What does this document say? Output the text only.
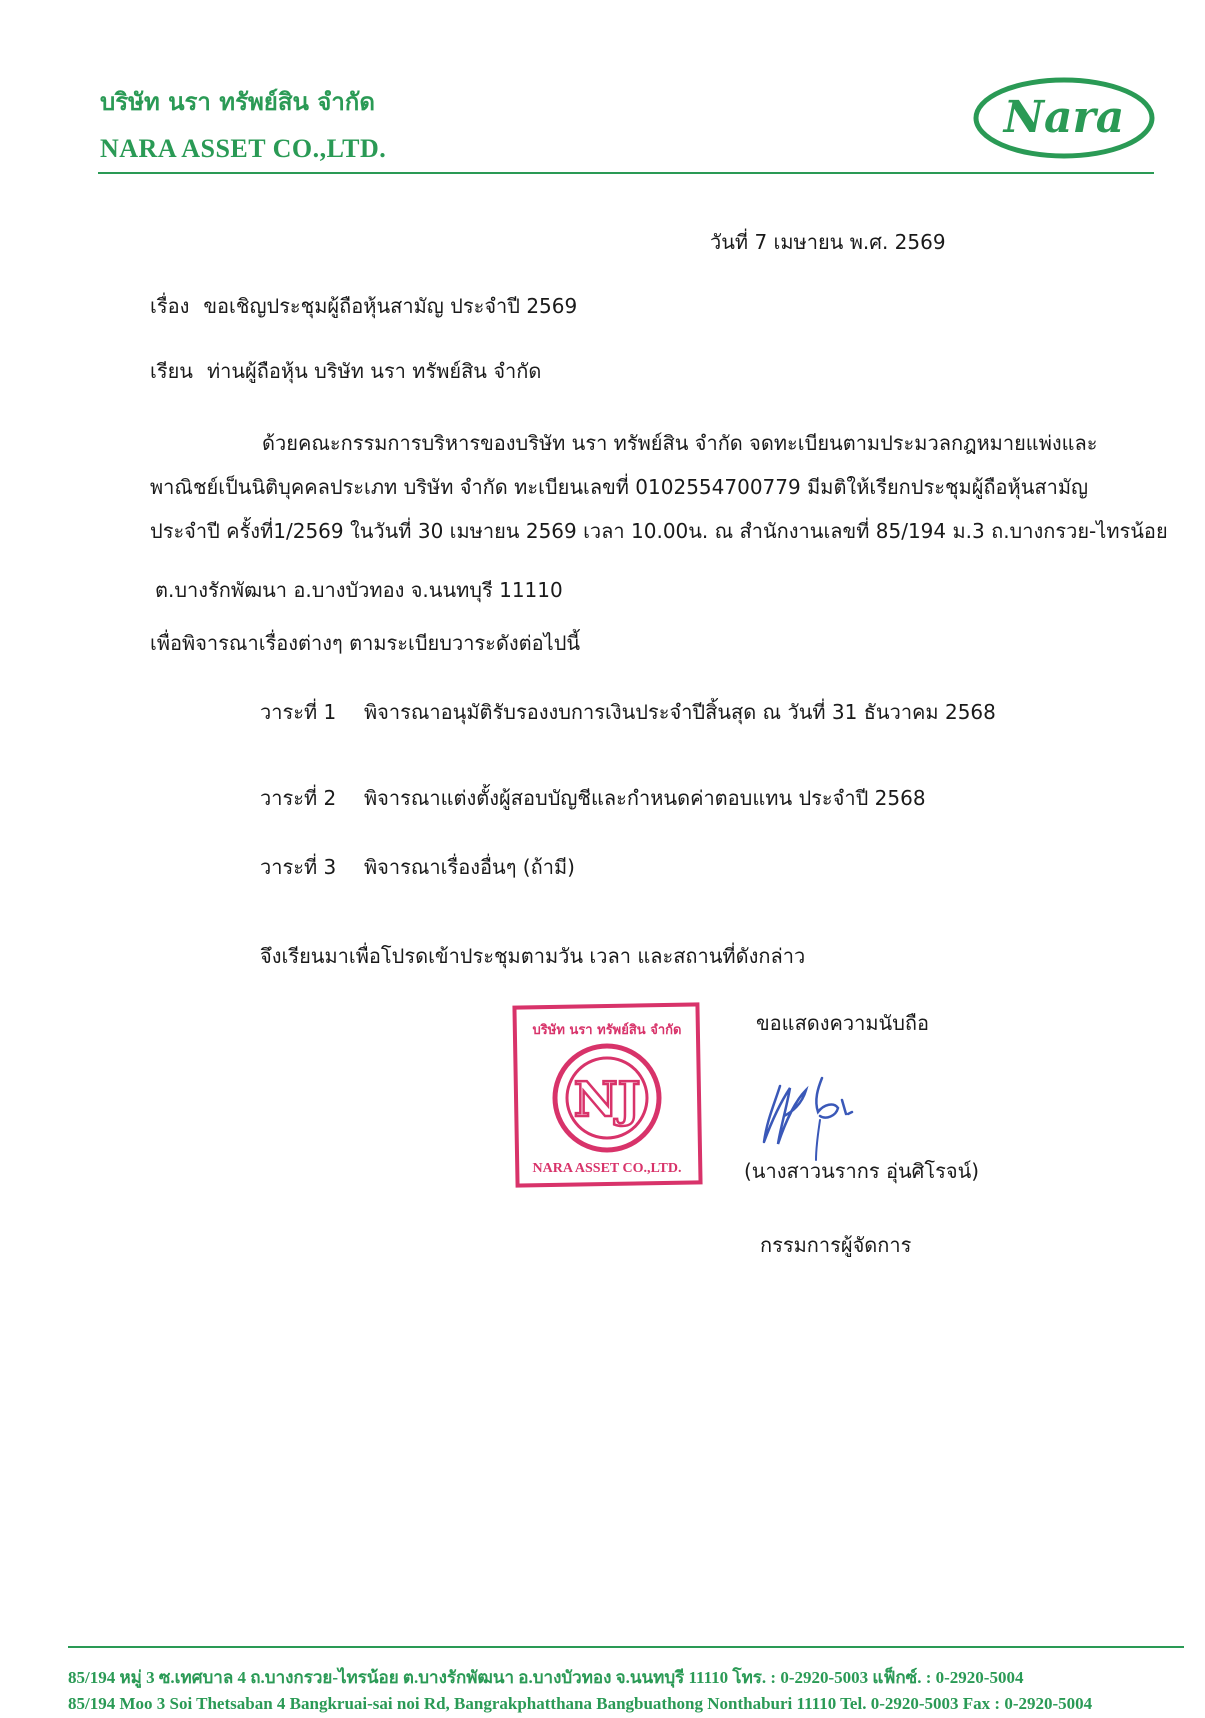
บริษัท นรา ทรัพย์สิน จำกัด
NARA ASSET CO.,LTD.
Nara
วันที่ 7 เมษายน พ.ศ. 2569
เรื่อง ขอเชิญประชุมผู้ถือหุ้นสามัญ ประจำปี 2569
เรียน ท่านผู้ถือหุ้น บริษัท นรา ทรัพย์สิน จำกัด
ด้วยคณะกรรมการบริหารของบริษัท นรา ทรัพย์สิน จำกัด จดทะเบียนตามประมวลกฎหมายแพ่งและ
พาณิชย์เป็นนิติบุคคลประเภท บริษัท จำกัด ทะเบียนเลขที่ 0102554700779 มีมติให้เรียกประชุมผู้ถือหุ้นสามัญ
ประจำปี ครั้งที่1/2569 ในวันที่ 30 เมษายน 2569 เวลา 10.00น. ณ สำนักงานเลขที่ 85/194 ม.3 ถ.บางกรวย-ไทรน้อย
ต.บางรักพัฒนา อ.บางบัวทอง จ.นนทบุรี 11110
เพื่อพิจารณาเรื่องต่างๆ ตามระเบียบวาระดังต่อไปนี้
วาระที่ 1 พิจารณาอนุมัติรับรองงบการเงินประจำปีสิ้นสุด ณ วันที่ 31 ธันวาคม 2568
วาระที่ 2 พิจารณาแต่งตั้งผู้สอบบัญชีและกำหนดค่าตอบแทน ประจำปี 2568
วาระที่ 3 พิจารณาเรื่องอื่นๆ (ถ้ามี)
จึงเรียนมาเพื่อโปรดเข้าประชุมตามวัน เวลา และสถานที่ดังกล่าว
บริษัท นรา ทรัพย์สิน จำกัด
NJ
NARA ASSET CO.,LTD.
ขอแสดงความนับถือ
(นางสาวนรากร อุ่นศิโรจน์)
กรรมการผู้จัดการ
85/194 หมู่ 3 ซ.เทศบาล 4 ถ.บางกรวย-ไทรน้อย ต.บางรักพัฒนา อ.บางบัวทอง จ.นนทบุรี 11110 โทร. : 0-2920-5003 แฟ็กซ์. : 0-2920-5004
85/194 Moo 3 Soi Thetsaban 4 Bangkruai-sai noi Rd, Bangrakphatthana Bangbuathong Nonthaburi 11110 Tel. 0-2920-5003 Fax : 0-2920-5004
